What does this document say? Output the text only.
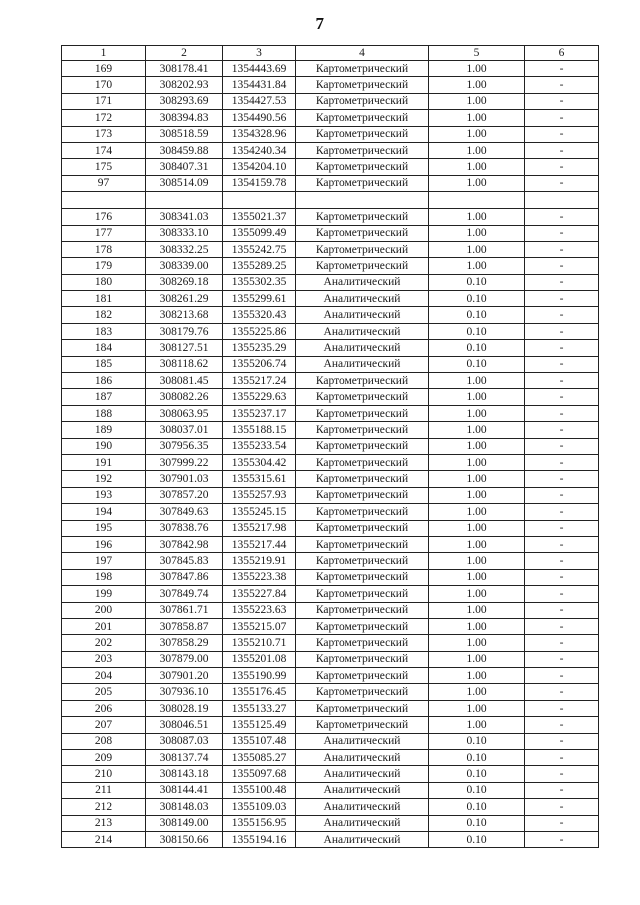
7
1	2	3	4	5	6
169	308178.41	1354443.69	Картометрический	1.00	-
170	308202.93	1354431.84	Картометрический	1.00	-
171	308293.69	1354427.53	Картометрический	1.00	-
172	308394.83	1354490.56	Картометрический	1.00	-
173	308518.59	1354328.96	Картометрический	1.00	-
174	308459.88	1354240.34	Картометрический	1.00	-
175	308407.31	1354204.10	Картометрический	1.00	-
97	308514.09	1354159.78	Картометрический	1.00	-

176	308341.03	1355021.37	Картометрический	1.00	-
177	308333.10	1355099.49	Картометрический	1.00	-
178	308332.25	1355242.75	Картометрический	1.00	-
179	308339.00	1355289.25	Картометрический	1.00	-
180	308269.18	1355302.35	Аналитический	0.10	-
181	308261.29	1355299.61	Аналитический	0.10	-
182	308213.68	1355320.43	Аналитический	0.10	-
183	308179.76	1355225.86	Аналитический	0.10	-
184	308127.51	1355235.29	Аналитический	0.10	-
185	308118.62	1355206.74	Аналитический	0.10	-
186	308081.45	1355217.24	Картометрический	1.00	-
187	308082.26	1355229.63	Картометрический	1.00	-
188	308063.95	1355237.17	Картометрический	1.00	-
189	308037.01	1355188.15	Картометрический	1.00	-
190	307956.35	1355233.54	Картометрический	1.00	-
191	307999.22	1355304.42	Картометрический	1.00	-
192	307901.03	1355315.61	Картометрический	1.00	-
193	307857.20	1355257.93	Картометрический	1.00	-
194	307849.63	1355245.15	Картометрический	1.00	-
195	307838.76	1355217.98	Картометрический	1.00	-
196	307842.98	1355217.44	Картометрический	1.00	-
197	307845.83	1355219.91	Картометрический	1.00	-
198	307847.86	1355223.38	Картометрический	1.00	-
199	307849.74	1355227.84	Картометрический	1.00	-
200	307861.71	1355223.63	Картометрический	1.00	-
201	307858.87	1355215.07	Картометрический	1.00	-
202	307858.29	1355210.71	Картометрический	1.00	-
203	307879.00	1355201.08	Картометрический	1.00	-
204	307901.20	1355190.99	Картометрический	1.00	-
205	307936.10	1355176.45	Картометрический	1.00	-
206	308028.19	1355133.27	Картометрический	1.00	-
207	308046.51	1355125.49	Картометрический	1.00	-
208	308087.03	1355107.48	Аналитический	0.10	-
209	308137.74	1355085.27	Аналитический	0.10	-
210	308143.18	1355097.68	Аналитический	0.10	-
211	308144.41	1355100.48	Аналитический	0.10	-
212	308148.03	1355109.03	Аналитический	0.10	-
213	308149.00	1355156.95	Аналитический	0.10	-
214	308150.66	1355194.16	Аналитический	0.10	-
